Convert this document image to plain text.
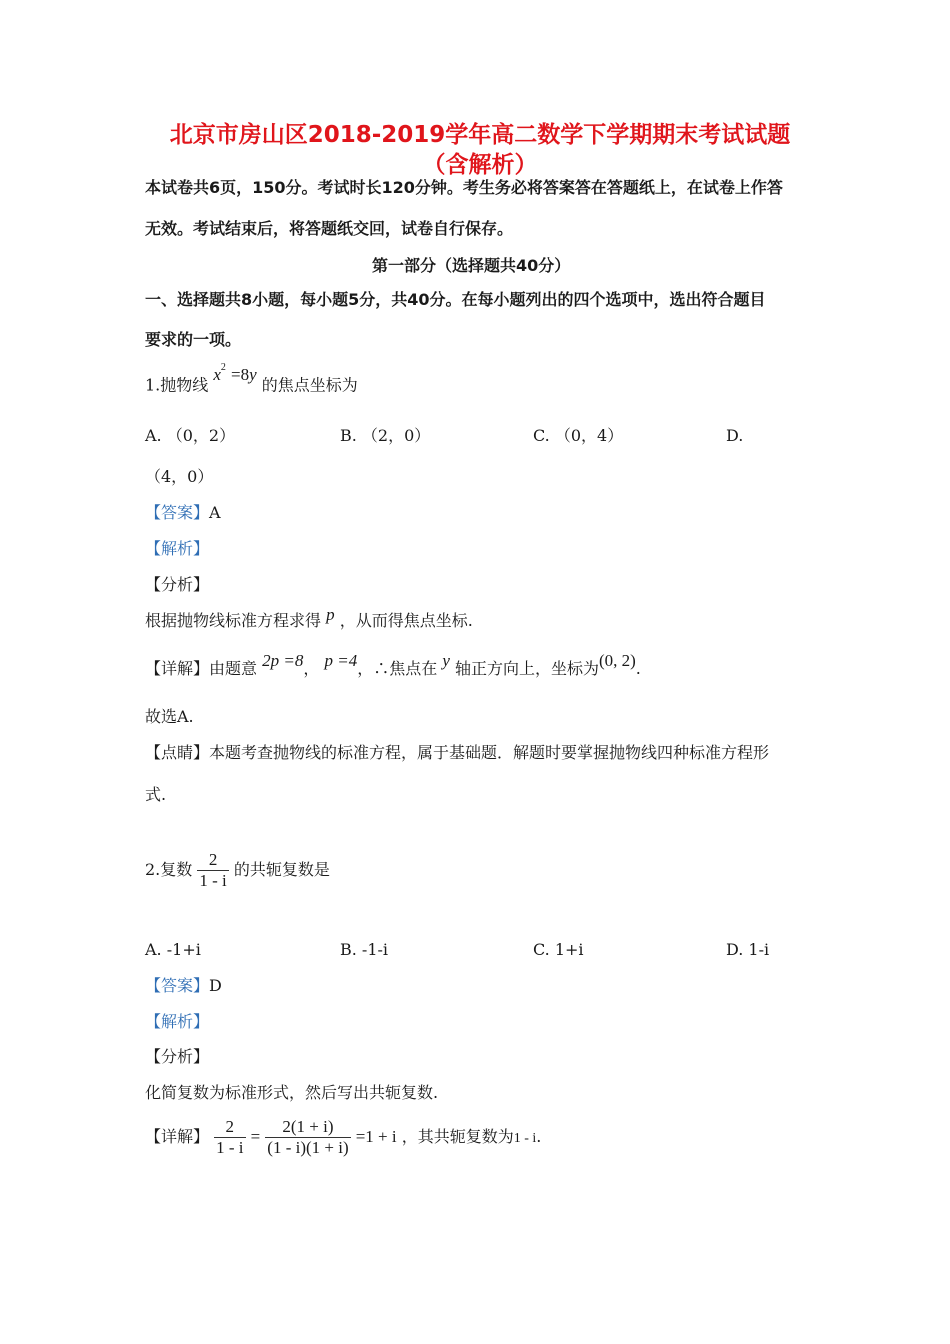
北京市房山区2018-2019学年高二数学下学期期末考试试题（含解析）
本试卷共6页，150分。考试时长120分钟。考生务必将答案答在答题纸上，在试卷上作答
无效。考试结束后，将答题纸交回，试卷自行保存。
第一部分（选择题共40分）
一、选择题共8小题，每小题5分，共40分。在每小题列出的四个选项中，选出符合题目
要求的一项。
1.抛物线 $x^2 =8y$ 的焦点坐标为
A. （0，2）	B. （2，0）	C. （0，4）	D.
（4，0）
【答案】A
【解析】
【分析】
根据抛物线标准方程求得 p ，从而得焦点坐标.
【详解】由题意 2p =8， p =4，∴焦点在 y 轴正方向上，坐标为(0, 2).
故选A.
【点睛】本题考查抛物线的标准方程，属于基础题．解题时要掌握抛物线四种标准方程形
式.
2.复数 $\frac{2}{1 - i}$ 的共轭复数是
A. -1+i	B. -1-i	C. 1+i	D. 1-i
【答案】D
【解析】
【分析】
化简复数为标准形式，然后写出共轭复数.
【详解】 $\frac{2}{1 - i} = \frac{2(1 + i)}{(1 - i)(1 + i)} =1 + i$ ，其共轭复数为1 - i.
